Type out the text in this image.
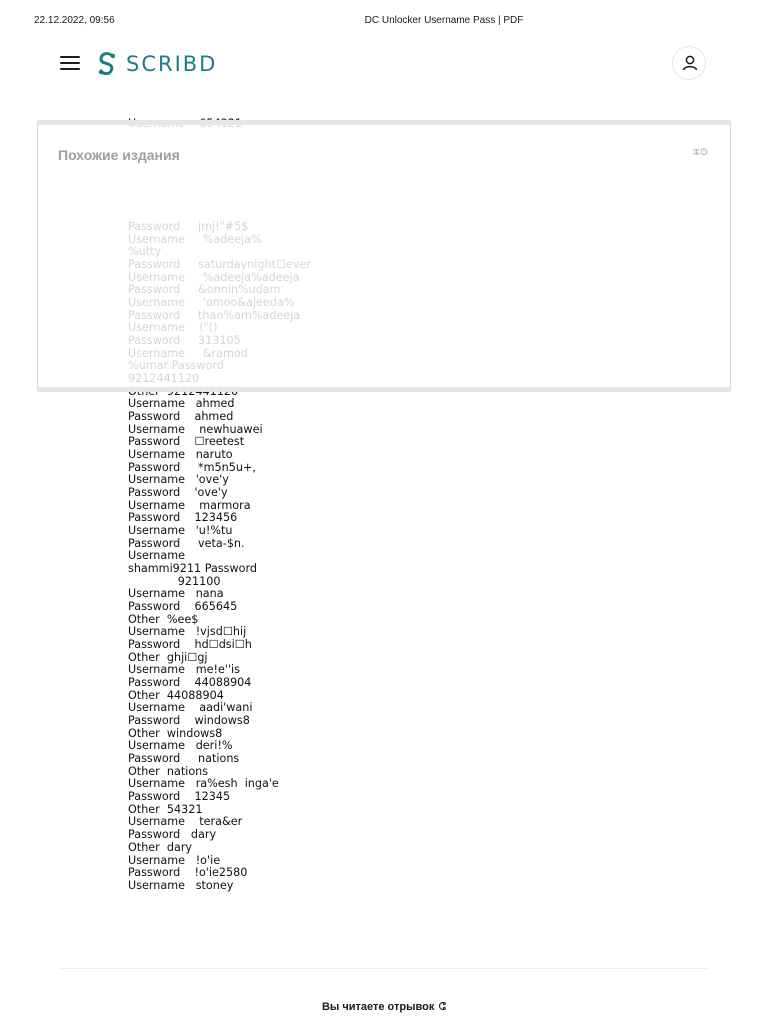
22.12.2022, 09:56	DC Unlocker Username Pass | PDF
SCRIBD
Username   ahmed
Password    ahmed
Username    newhuawei
Password    ☐reetest
Username   naruto
Password     *m5n5u+,
Username   'ove'y
Password    'ove'y
Username    marmora
Password    123456
Username   'u!%tu
Password     veta-$n.
Username
shammi9211 Password
921100
Username   nana
Password    665645
Other  %ee$
Username   !vjsd☐hij
Password    hd☐dsi☐h
Other  ghji☐gj
Username   me!e''is
Password    44088904
Other  44088904
Username    aadi'wani
Password    windows8
Other  windows8
Username   deri!%
Password     nations
Other  nations
Username   ra%esh  inga'e
Password    12345
Other  54321
Username    tera&er
Password   dary
Other  dary
Username   !o'ie
Password    !o'ie2580
Username   stoney
Похожие издания	ⵣⵙ
Вы читаете отрывок ⵛ
